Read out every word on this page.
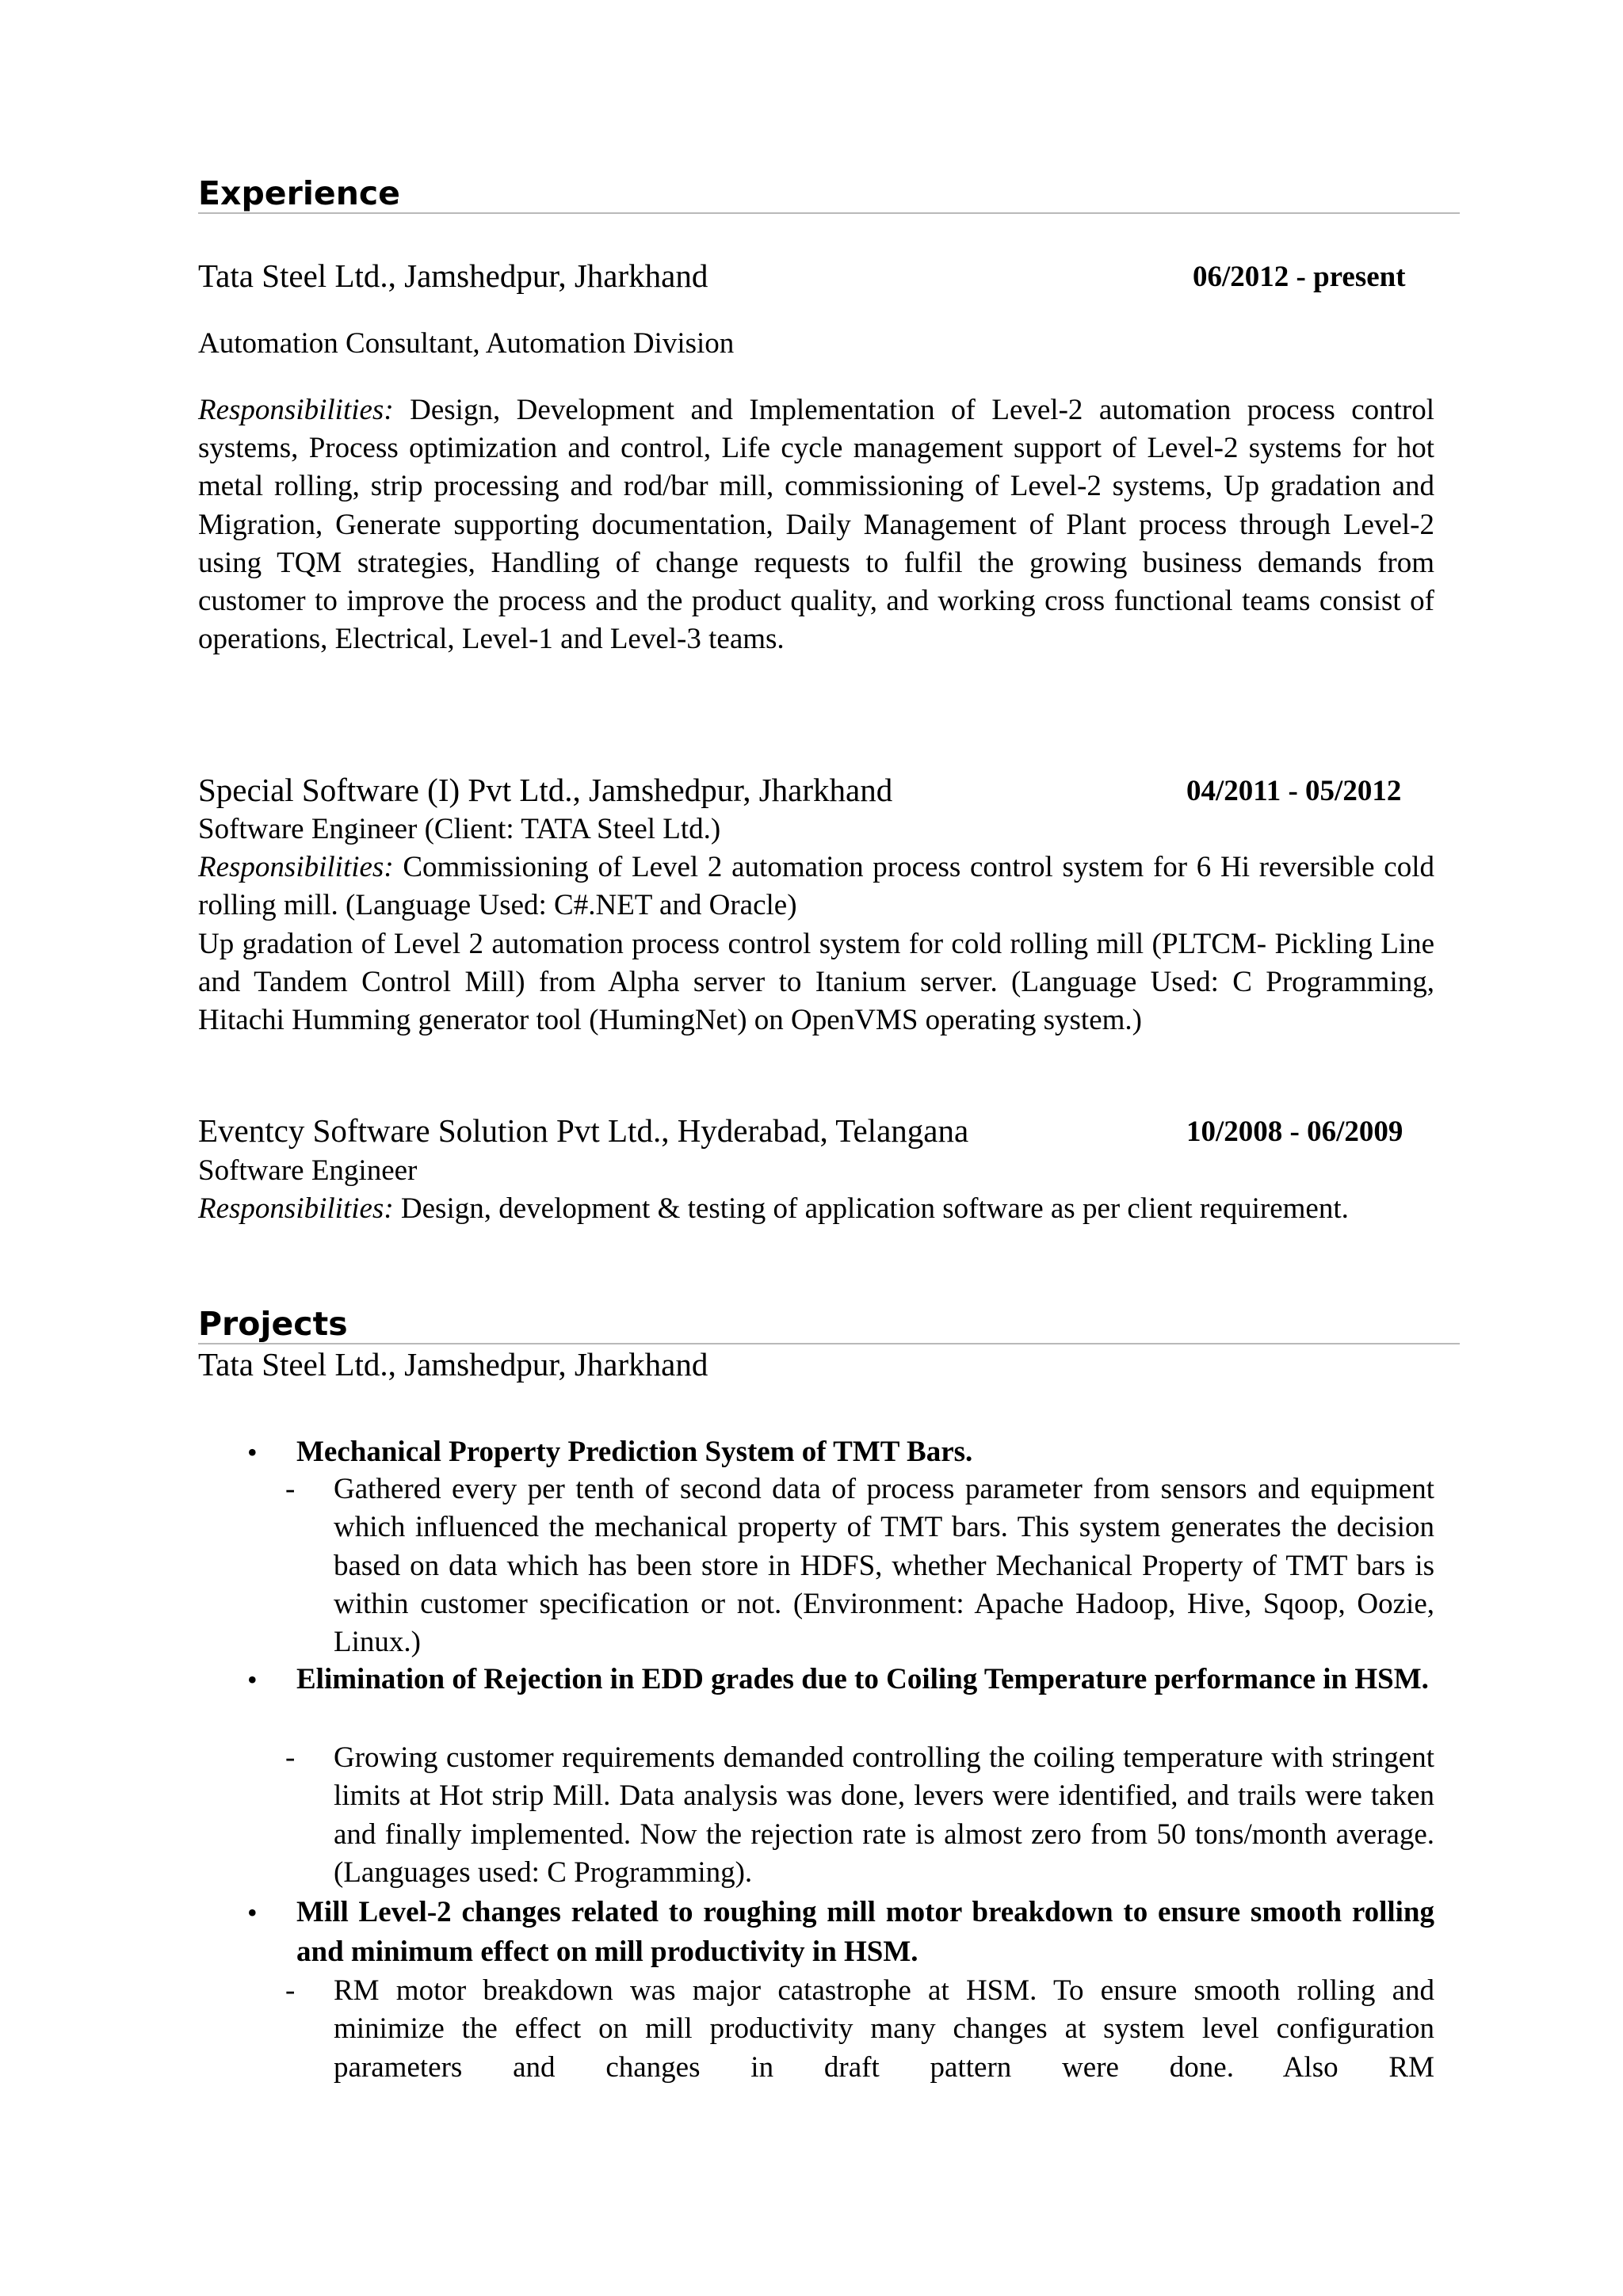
Experience
Tata Steel Ltd., Jamshedpur, Jharkhand	06/2012 - present
Automation Consultant, Automation Division
Responsibilities: Design, Development and Implementation of Level-2 automation process control systems, Process optimization and control, Life cycle management support of Level-2 systems for hot metal rolling, strip processing and rod/bar mill, commissioning of Level-2 systems, Up gradation and Migration, Generate supporting documentation, Daily Management of Plant process through Level-2 using TQM strategies, Handling of change requests to fulfil the growing business demands from customer to improve the process and the product quality, and working cross functional teams consist of operations, Electrical, Level-1 and Level-3 teams.
Special Software (I) Pvt Ltd., Jamshedpur, Jharkhand	04/2011 - 05/2012
Software Engineer (Client: TATA Steel Ltd.)
Responsibilities: Commissioning of Level 2 automation process control system for 6 Hi reversible cold rolling mill. (Language Used: C#.NET and Oracle)
Up gradation of Level 2 automation process control system for cold rolling mill (PLTCM- Pickling Line and Tandem Control Mill) from Alpha server to Itanium server. (Language Used: C Programming, Hitachi Humming generator tool (HumingNet) on OpenVMS operating system.)
Eventcy Software Solution Pvt Ltd., Hyderabad, Telangana	10/2008 - 06/2009
Software Engineer
Responsibilities: Design, development & testing of application software as per client requirement.
Projects
Tata Steel Ltd., Jamshedpur, Jharkhand
• Mechanical Property Prediction System of TMT Bars.
- Gathered every per tenth of second data of process parameter from sensors and equipment which influenced the mechanical property of TMT bars. This system generates the decision based on data which has been store in HDFS, whether Mechanical Property of TMT bars is within customer specification or not. (Environment: Apache Hadoop, Hive, Sqoop, Oozie, Linux.)
• Elimination of Rejection in EDD grades due to Coiling Temperature performance in HSM.
- Growing customer requirements demanded controlling the coiling temperature with stringent limits at Hot strip Mill. Data analysis was done, levers were identified, and trails were taken and finally implemented. Now the rejection rate is almost zero from 50 tons/month average. (Languages used: C Programming).
• Mill Level-2 changes related to roughing mill motor breakdown to ensure smooth rolling and minimum effect on mill productivity in HSM.
- RM motor breakdown was major catastrophe at HSM. To ensure smooth rolling and minimize the effect on mill productivity many changes at system level configuration parameters and changes in draft pattern were done. Also RM
